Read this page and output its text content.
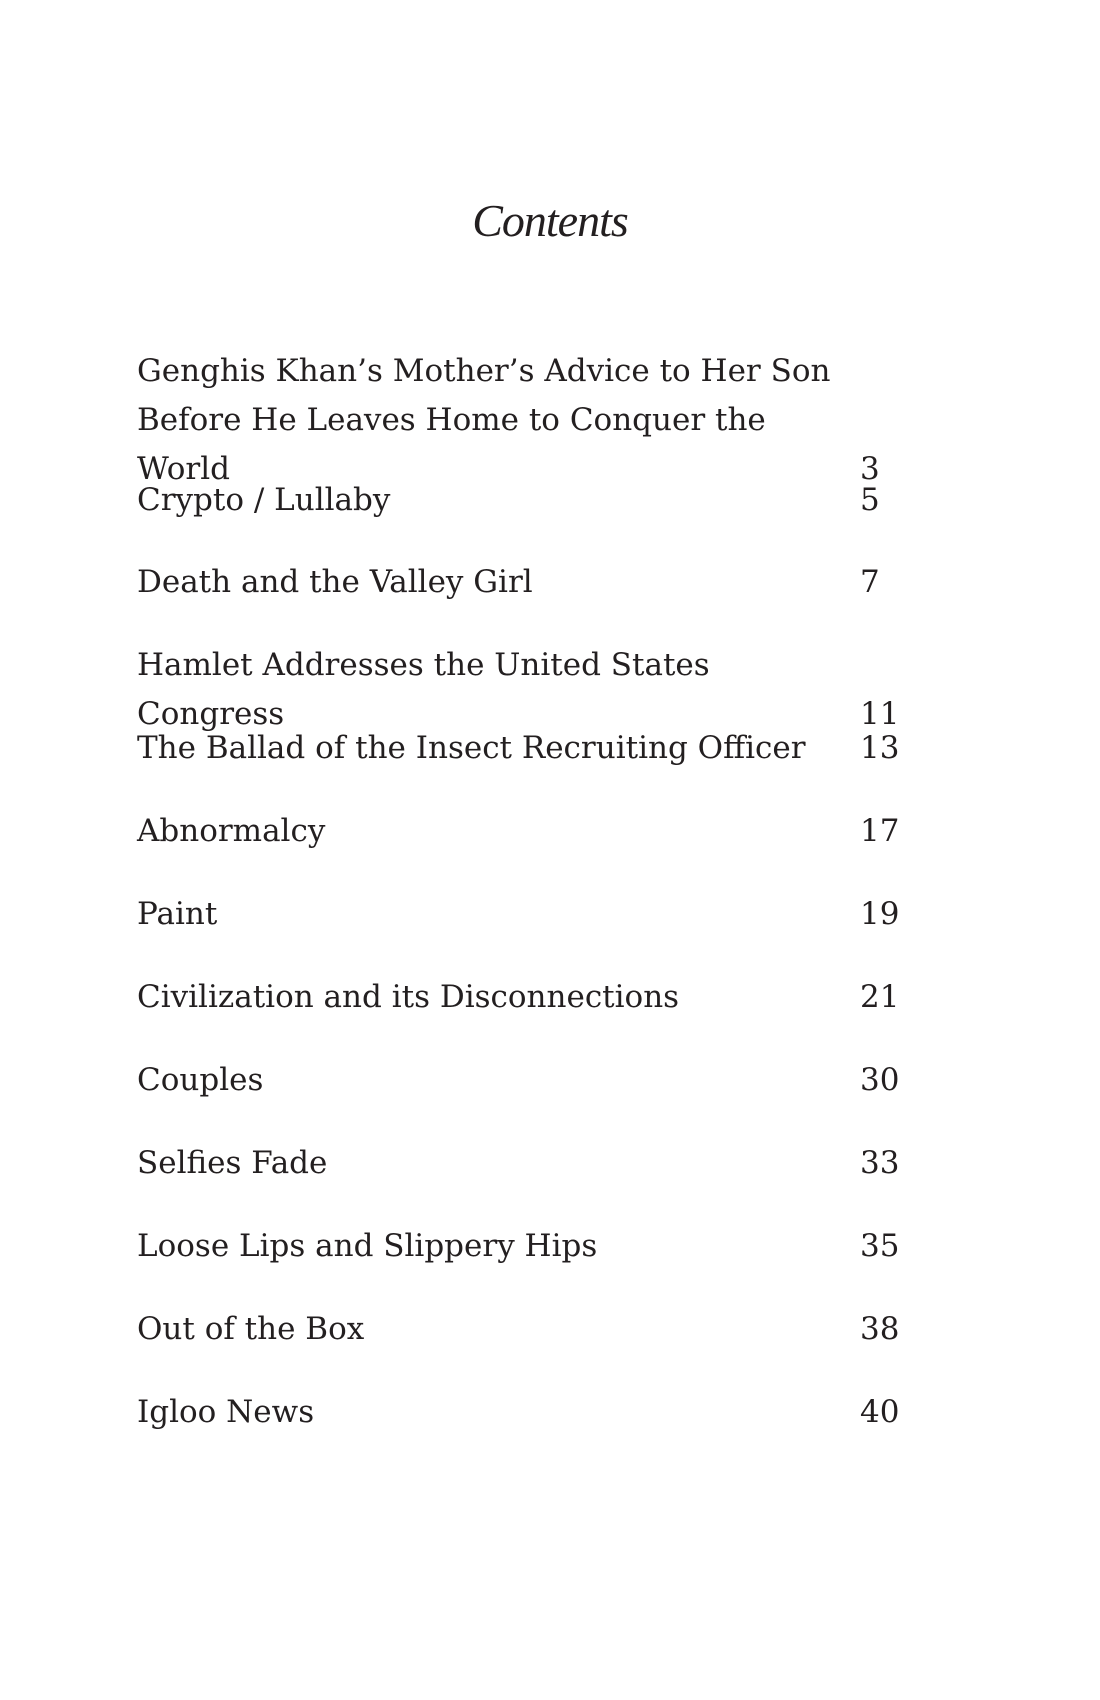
Contents
Genghis Khan’s Mother’s Advice to Her Son
Before He Leaves Home to Conquer the World	3
Crypto / Lullaby	5
Death and the Valley Girl	7
Hamlet Addresses the United States Congress	11
The Ballad of the Insect Recruiting Officer	13
Abnormalcy	17
Paint	19
Civilization and its Disconnections	21
Couples	30
Selfies Fade	33
Loose Lips and Slippery Hips	35
Out of the Box	38
Igloo News	40
